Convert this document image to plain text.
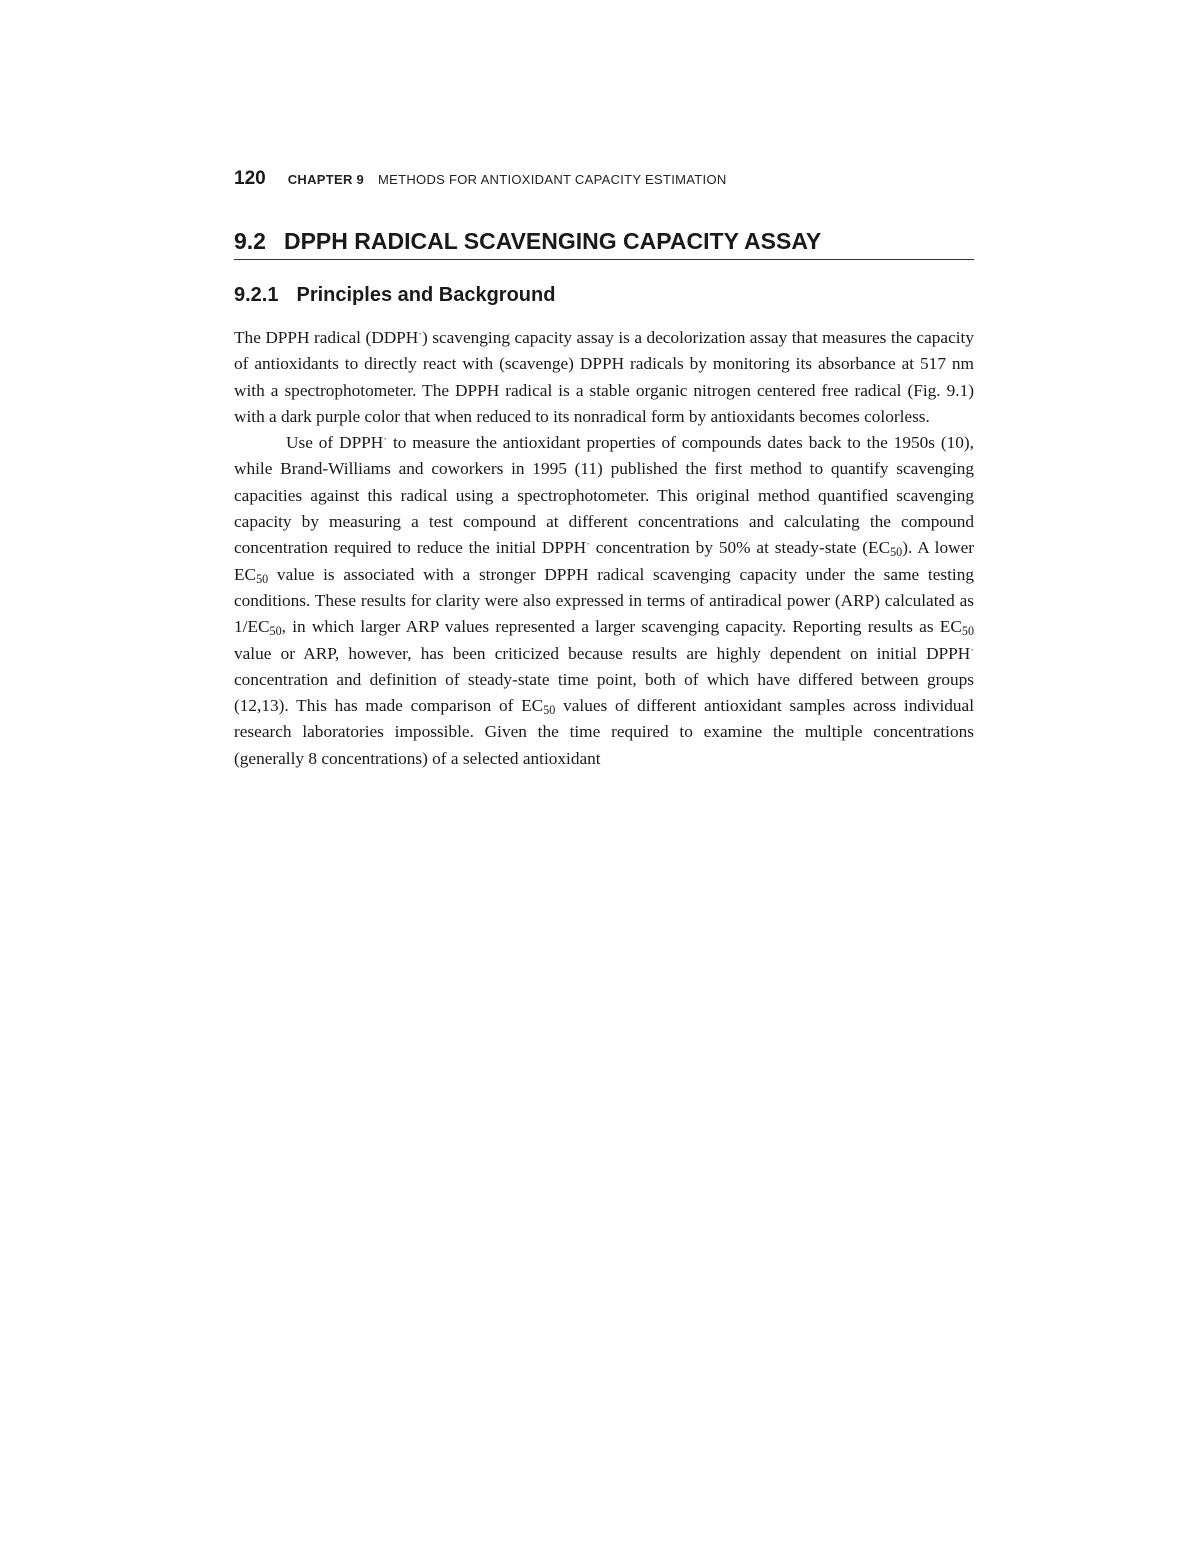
120 CHAPTER 9 METHODS FOR ANTIOXIDANT CAPACITY ESTIMATION
9.2 DPPH RADICAL SCAVENGING CAPACITY ASSAY
9.2.1 Principles and Background

The DPPH radical (DDPH·) scavenging capacity assay is a decolorization assay that measures the capacity of antioxidants to directly react with (scavenge) DPPH radicals by monitoring its absorbance at 517 nm with a spectrophotometer. The DPPH radical is a stable organic nitrogen centered free radical (Fig. 9.1) with a dark purple color that when reduced to its nonradical form by antioxidants becomes colorless.

Use of DPPH· to measure the antioxidant properties of compounds dates back to the 1950s (10), while Brand-Williams and coworkers in 1995 (11) published the first method to quantify scavenging capacities against this radical using a spectrophotometer. This original method quantified scavenging capacity by measuring a test compound at different concentrations and calculating the compound concentration required to reduce the initial DPPH· concentration by 50% at steady-state $(EC_{50})$. A lower $EC_{50}$ value is associated with a stronger DPPH radical scavenging capacity under the same testing conditions. These results for clarity were also expressed in terms of antiradical power (ARP) calculated as $1/EC_{50}$, in which larger ARP values represented a larger scavenging capacity. Reporting results as $EC_{50}$ value or ARP, however, has been criticized because results are highly dependent on initial DPPH· concentration and definition of steady-state time point, both of which have differed between groups (12,13). This has made comparison of $EC_{50}$ values of different antioxidant samples across individual research laboratories impossible. Given the time required to examine the multiple concentrations (generally 8 concentrations) of a selected antioxidant
